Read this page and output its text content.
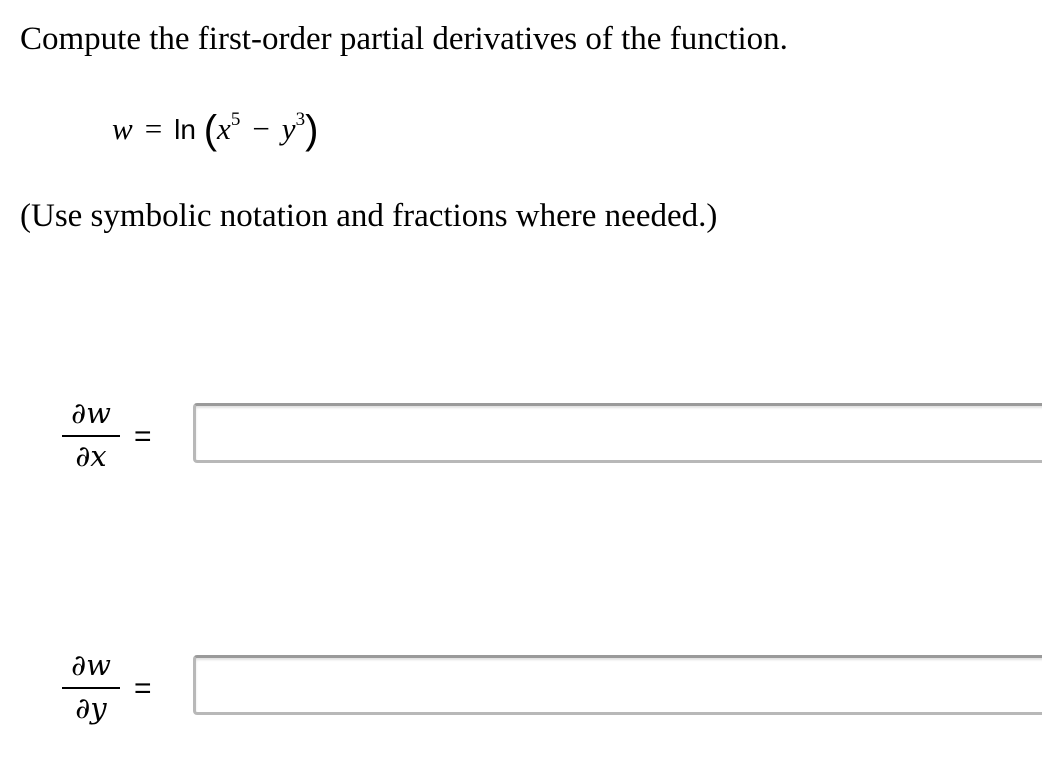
Compute the first-order partial derivatives of the function.

$w = \ln (x^5 - y^3)$

(Use symbolic notation and fractions where needed.)

∂w
∂x
=
∂w
∂y
=
